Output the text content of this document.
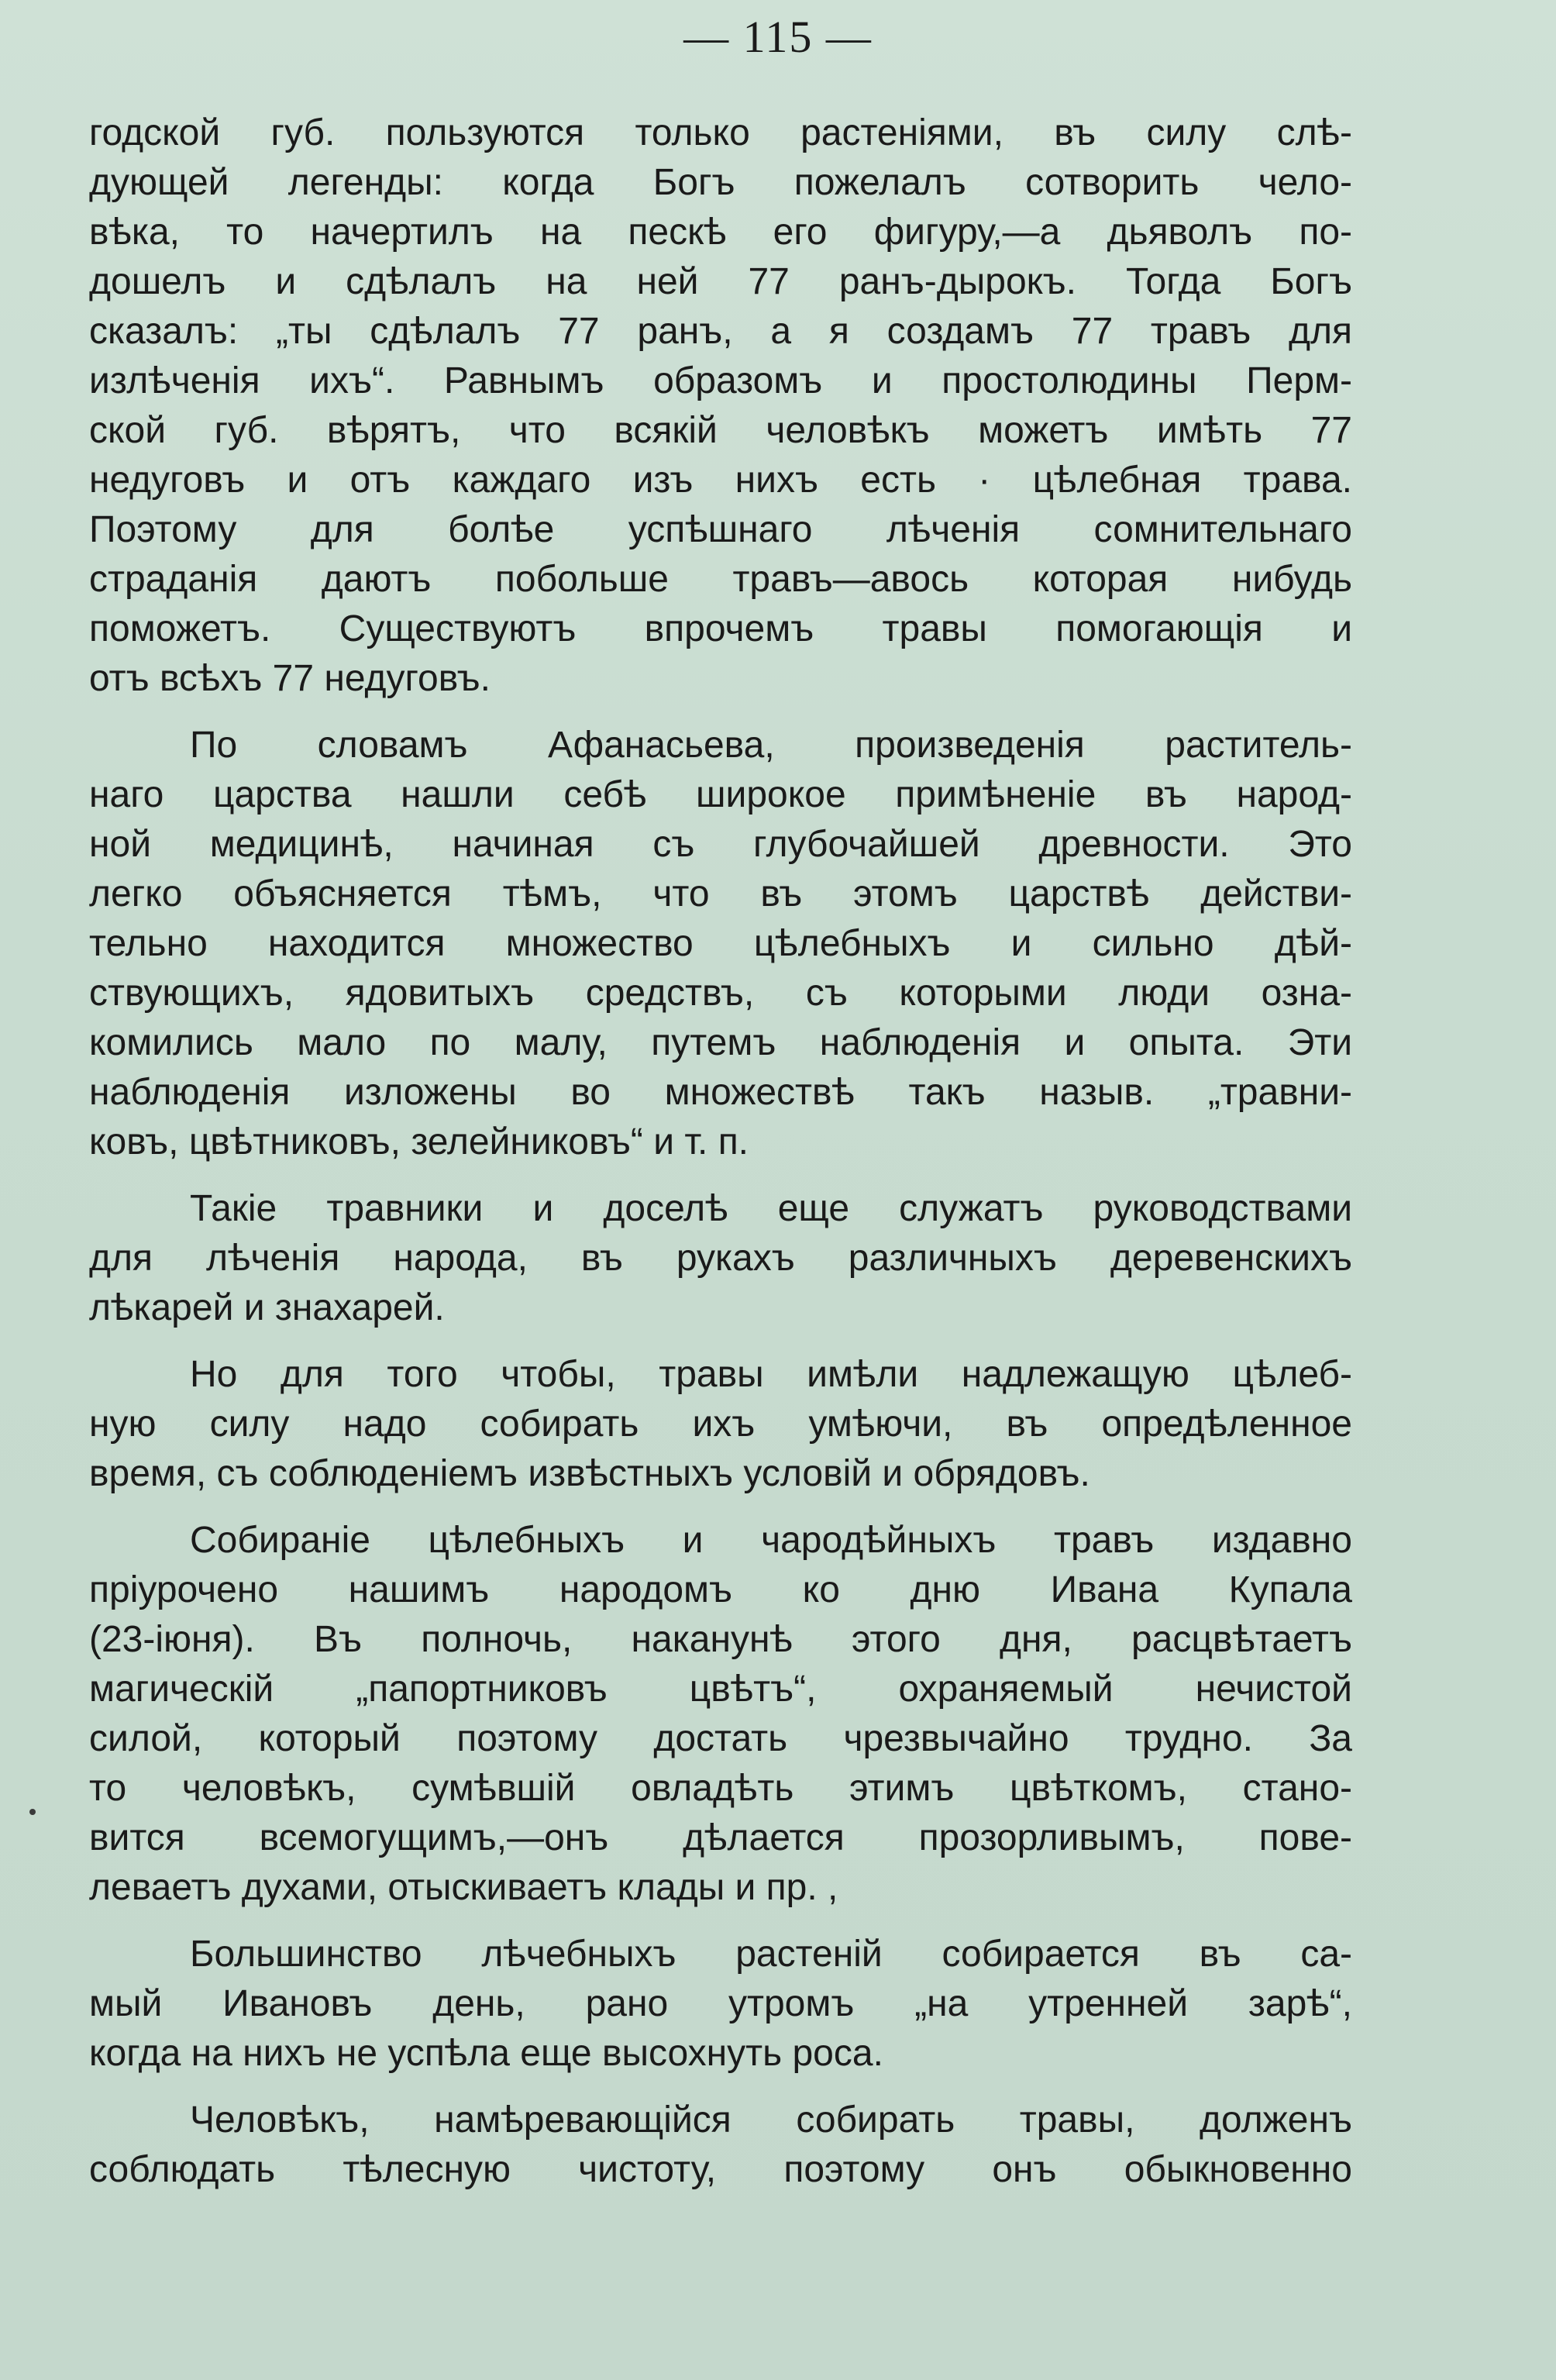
— 115 —
годской губ. пользуются только растеніями, въ силу слѣ-
дующей легенды: когда Богъ пожелалъ сотворить чело-
вѣка, то начертилъ на пескѣ его фигуру,—а дьяволъ по-
дошелъ и сдѣлалъ на ней 77 ранъ-дырокъ. Тогда Богъ
сказалъ: „ты сдѣлалъ 77 ранъ, а я создамъ 77 травъ для
излѣченія ихъ“. Равнымъ образомъ и простолюдины Перм-
ской губ. вѣрятъ, что всякій человѣкъ можетъ имѣть 77
недуговъ и отъ каждаго изъ нихъ есть · цѣлебная трава.
Поэтому для болѣе успѣшнаго лѣченія сомнительнаго
страданія даютъ побольше травъ—авось которая нибудь
поможетъ. Существуютъ впрочемъ травы помогающія и
отъ всѣхъ 77 недуговъ.
По словамъ Афанасьева, произведенія раститель-
наго царства нашли себѣ широкое примѣненіе въ народ-
ной медицинѣ, начиная съ глубочайшей древности. Это
легко объясняется тѣмъ, что въ этомъ царствѣ действи-
тельно находится множество цѣлебныхъ и сильно дѣй-
ствующихъ, ядовитыхъ средствъ, съ которыми люди озна-
комились мало по малу, путемъ наблюденія и опыта. Эти
наблюденія изложены во множествѣ такъ назыв. „травни-
ковъ, цвѣтниковъ, зелейниковъ“ и т. п.
Такіе травники и доселѣ еще служатъ руководствами
для лѣченія народа, въ рукахъ различныхъ деревенскихъ
лѣкарей и знахарей.
Но для того чтобы, травы имѣли надлежащую цѣлеб-
ную силу надо собирать ихъ умѣючи, въ опредѣленное
время, съ соблюденіемъ извѣстныхъ условій и обрядовъ.
Собираніе цѣлебныхъ и чародѣйныхъ травъ издавно
пріурочено нашимъ народомъ ко дню Ивана Купала
(23-іюня). Въ полночь, наканунѣ этого дня, расцвѣтаетъ
магическій „папортниковъ цвѣтъ“, охраняемый нечистой
силой, который поэтому достать чрезвычайно трудно. За
то человѣкъ, сумѣвшій овладѣть этимъ цвѣткомъ, стано-
вится всемогущимъ,—онъ дѣлается прозорливымъ, пове-
леваетъ духами, отыскиваетъ клады и пр. ,
Большинство лѣчебныхъ растеній собирается въ са-
мый Ивановъ день, рано утромъ „на утренней зарѣ“,
когда на нихъ не успѣла еще высохнуть роса.
Человѣкъ, намѣревающійся собирать травы, долженъ
соблюдать тѣлесную чистоту, поэтому онъ обыкновенно
